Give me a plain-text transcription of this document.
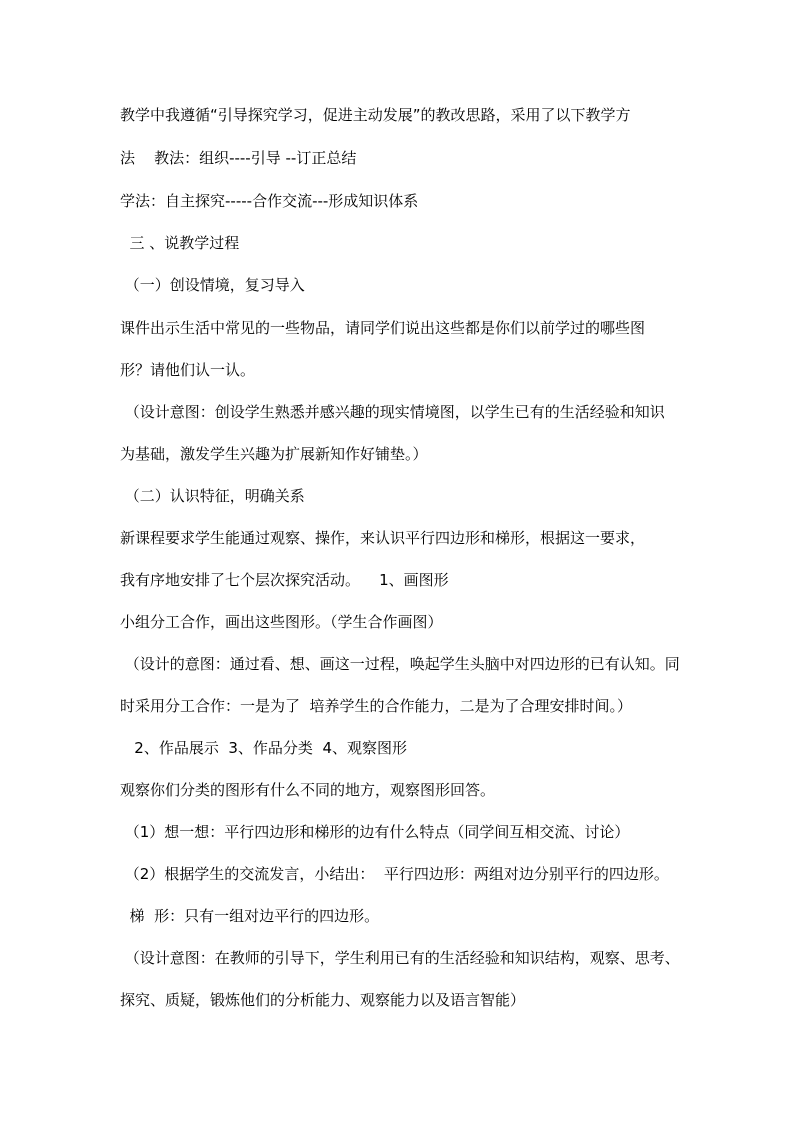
教学中我遵循“引导探究学习，促进主动发展”的教改思路，采用了以下教学方
法    教法：组织----引导 --订正总结
学法：自主探究-----合作交流---形成知识体系
三 、说教学过程
（一）创设情境，复习导入
课件出示生活中常见的一些物品，请同学们说出这些都是你们以前学过的哪些图
形？请他们认一认。
（设计意图：创设学生熟悉并感兴趣的现实情境图，以学生已有的生活经验和知识
为基础，激发学生兴趣为扩展新知作好铺垫。）
（二）认识特征，明确关系
新课程要求学生能通过观察、操作，来认识平行四边形和梯形，根据这一要求，
我有序地安排了七个层次探究活动。    1、画图形
小组分工合作，画出这些图形。（学生合作画图）
（设计的意图：通过看、想、画这一过程，唤起学生头脑中对四边形的已有认知。同
时采用分工合作：一是为了  培养学生的合作能力，二是为了合理安排时间。）
2、作品展示  3、作品分类  4、观察图形
观察你们分类的图形有什么不同的地方，观察图形回答。
（1）想一想：平行四边形和梯形的边有什么特点（同学间互相交流、讨论）
（2）根据学生的交流发言，小结出：  平行四边形：两组对边分别平行的四边形。
梯  形：只有一组对边平行的四边形。
（设计意图：在教师的引导下，学生利用已有的生活经验和知识结构，观察、思考、
探究、质疑，锻炼他们的分析能力、观察能力以及语言智能）
